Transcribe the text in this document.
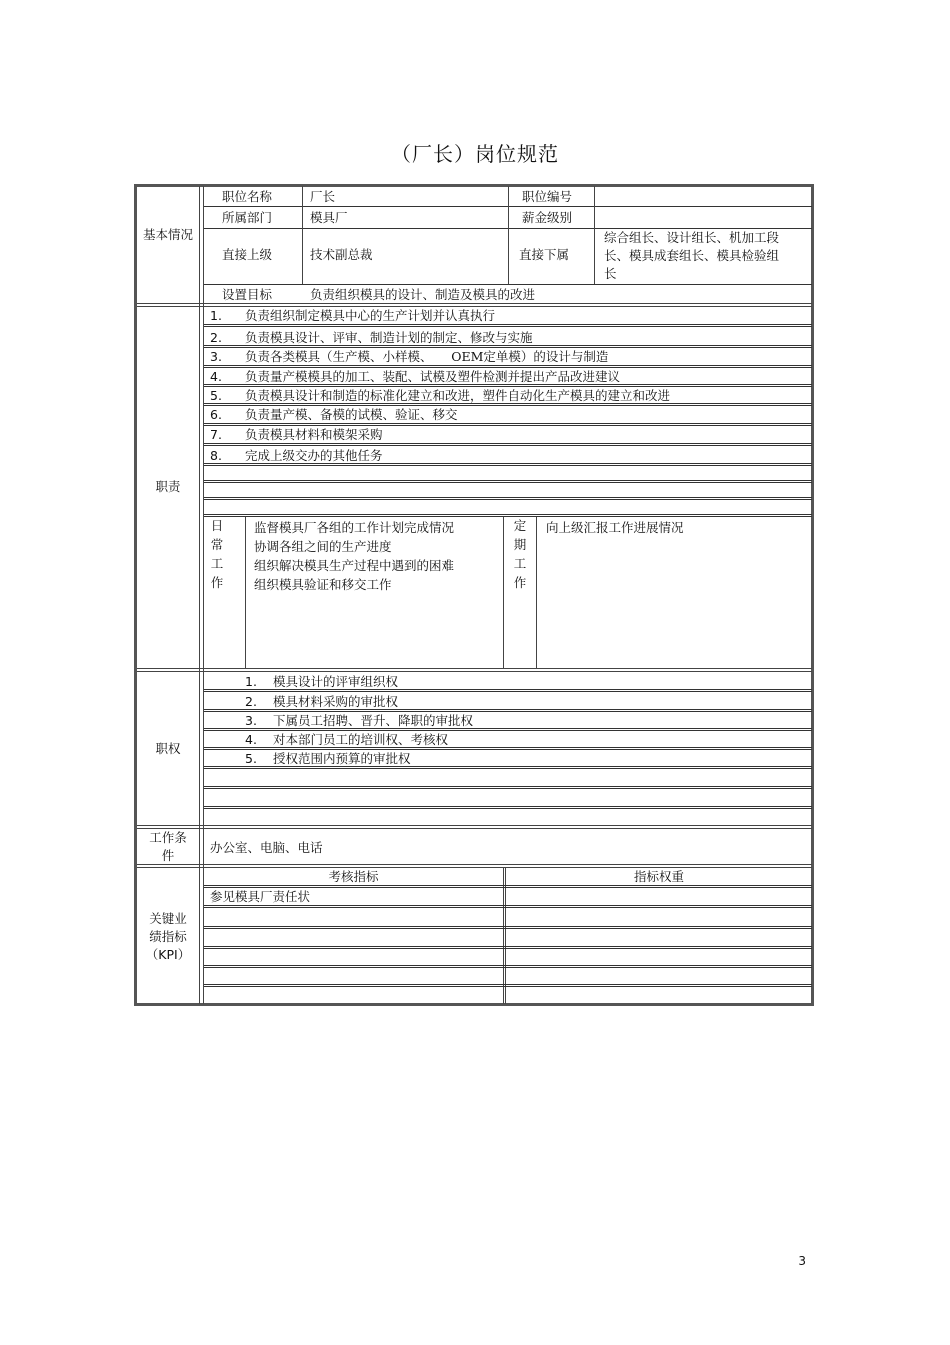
（厂长）岗位规范
基本情况
职位名称	厂长	职位编号
所属部门	模具厂	薪金级别
直接上级	技术副总裁	直接下属
综合组长、设计组长、机加工段
长、模具成套组长、模具检验组
长
设置目标	负责组织模具的设计、制造及模具的改进
职责
1. 负责组织制定模具中心的生产计划并认真执行
2. 负责模具设计、评审、制造计划的制定、修改与实施
3. 负责各类模具（生产模、小样模、　　OEM定单模）的设计与制造
4. 负责量产模模具的加工、装配、试模及塑件检测并提出产品改进建议
5. 负责模具设计和制造的标准化建立和改进，塑件自动化生产模具的建立和改进
6. 负责量产模、备模的试模、验证、移交
7. 负责模具材料和模架采购
8. 完成上级交办的其他任务
日常工作
监督模具厂各组的工作计划完成情况
协调各组之间的生产进度
组织解决模具生产过程中遇到的困难
组织模具验证和移交工作
定期工作
向上级汇报工作进展情况
职权
1. 模具设计的评审组织权
2. 模具材料采购的审批权
3. 下属员工招聘、晋升、降职的审批权
4. 对本部门员工的培训权、考核权
5. 授权范围内预算的审批权
工作条
件
办公室、电脑、电话
关键业
绩指标
（KPI）
考核指标	指标权重
参见模具厂责任状
3
